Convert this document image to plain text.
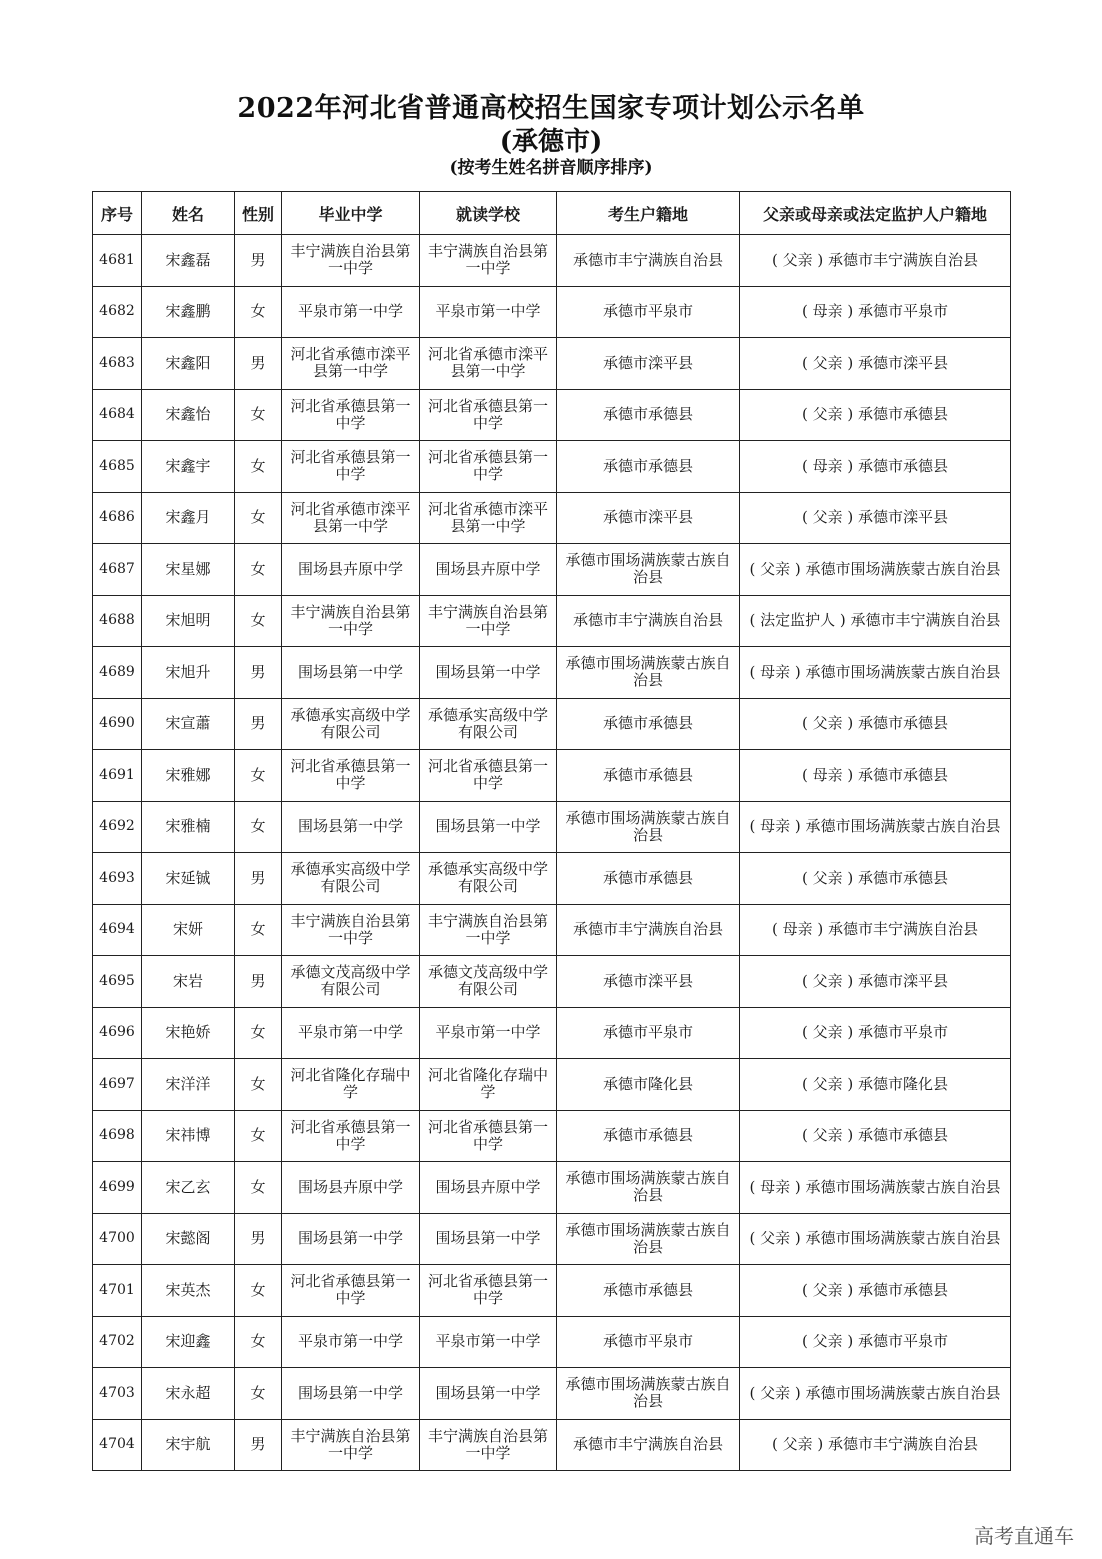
2022年河北省普通高校招生国家专项计划公示名单
(承德市)
(按考生姓名拼音顺序排序)
序号	姓名	性别	毕业中学	就读学校	考生户籍地	父亲或母亲或法定监护人户籍地
4681	宋鑫磊	男	丰宁满族自治县第一中学	丰宁满族自治县第一中学	承德市丰宁满族自治县	( 父亲 ) 承德市丰宁满族自治县
4682	宋鑫鹏	女	平泉市第一中学	平泉市第一中学	承德市平泉市	( 母亲 ) 承德市平泉市
4683	宋鑫阳	男	河北省承德市滦平县第一中学	河北省承德市滦平县第一中学	承德市滦平县	( 父亲 ) 承德市滦平县
4684	宋鑫怡	女	河北省承德县第一中学	河北省承德县第一中学	承德市承德县	( 父亲 ) 承德市承德县
4685	宋鑫宇	女	河北省承德县第一中学	河北省承德县第一中学	承德市承德县	( 母亲 ) 承德市承德县
4686	宋鑫月	女	河北省承德市滦平县第一中学	河北省承德市滦平县第一中学	承德市滦平县	( 父亲 ) 承德市滦平县
4687	宋星娜	女	围场县卉原中学	围场县卉原中学	承德市围场满族蒙古族自治县	( 父亲 ) 承德市围场满族蒙古族自治县
4688	宋旭明	女	丰宁满族自治县第一中学	丰宁满族自治县第一中学	承德市丰宁满族自治县	( 法定监护人 ) 承德市丰宁满族自治县
4689	宋旭升	男	围场县第一中学	围场县第一中学	承德市围场满族蒙古族自治县	( 母亲 ) 承德市围场满族蒙古族自治县
4690	宋宣蕭	男	承德承实高级中学有限公司	承德承实高级中学有限公司	承德市承德县	( 父亲 ) 承德市承德县
4691	宋雅娜	女	河北省承德县第一中学	河北省承德县第一中学	承德市承德县	( 母亲 ) 承德市承德县
4692	宋雅楠	女	围场县第一中学	围场县第一中学	承德市围场满族蒙古族自治县	( 母亲 ) 承德市围场满族蒙古族自治县
4693	宋延铖	男	承德承实高级中学有限公司	承德承实高级中学有限公司	承德市承德县	( 父亲 ) 承德市承德县
4694	宋妍	女	丰宁满族自治县第一中学	丰宁满族自治县第一中学	承德市丰宁满族自治县	( 母亲 ) 承德市丰宁满族自治县
4695	宋岩	男	承德文茂高级中学有限公司	承德文茂高级中学有限公司	承德市滦平县	( 父亲 ) 承德市滦平县
4696	宋艳娇	女	平泉市第一中学	平泉市第一中学	承德市平泉市	( 父亲 ) 承德市平泉市
4697	宋洋洋	女	河北省隆化存瑞中学	河北省隆化存瑞中学	承德市隆化县	( 父亲 ) 承德市隆化县
4698	宋祎博	女	河北省承德县第一中学	河北省承德县第一中学	承德市承德县	( 父亲 ) 承德市承德县
4699	宋乙玄	女	围场县卉原中学	围场县卉原中学	承德市围场满族蒙古族自治县	( 母亲 ) 承德市围场满族蒙古族自治县
4700	宋懿阁	男	围场县第一中学	围场县第一中学	承德市围场满族蒙古族自治县	( 父亲 ) 承德市围场满族蒙古族自治县
4701	宋英杰	女	河北省承德县第一中学	河北省承德县第一中学	承德市承德县	( 父亲 ) 承德市承德县
4702	宋迎鑫	女	平泉市第一中学	平泉市第一中学	承德市平泉市	( 父亲 ) 承德市平泉市
4703	宋永超	女	围场县第一中学	围场县第一中学	承德市围场满族蒙古族自治县	( 父亲 ) 承德市围场满族蒙古族自治县
4704	宋宇航	男	丰宁满族自治县第一中学	丰宁满族自治县第一中学	承德市丰宁满族自治县	( 父亲 ) 承德市丰宁满族自治县
高考直通车
